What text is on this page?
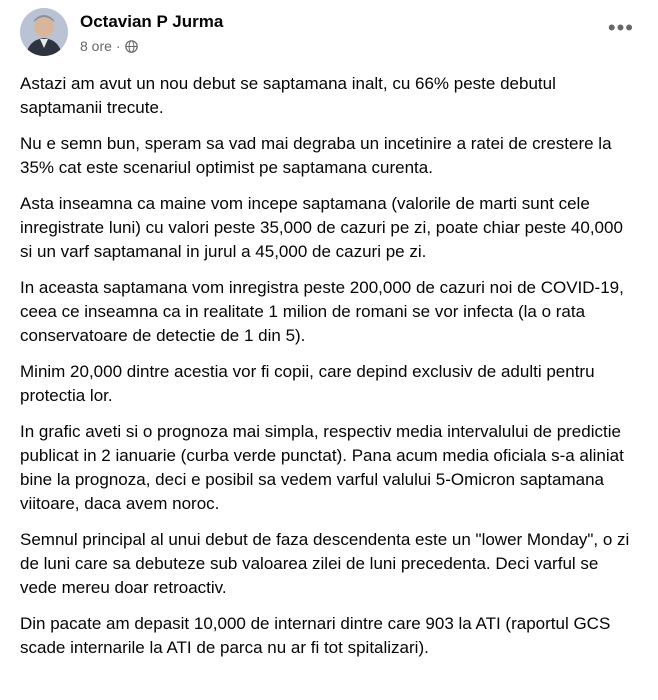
Octavian P Jurma
8 ore ·
•••

Astazi am avut un nou debut se saptamana inalt, cu 66% peste debutul saptamanii trecute.

Nu e semn bun, speram sa vad mai degraba un incetinire a ratei de crestere la 35% cat este scenariul optimist pe saptamana curenta.

Asta inseamna ca maine vom incepe saptamana (valorile de marti sunt cele inregistrate luni) cu valori peste 35,000 de cazuri pe zi, poate chiar peste 40,000 si un varf saptamanal in jurul a 45,000 de cazuri pe zi.

In aceasta saptamana vom inregistra peste 200,000 de cazuri noi de COVID-19, ceea ce inseamna ca in realitate 1 milion de romani se vor infecta (la o rata conservatoare de detectie de 1 din 5).

Minim 20,000 dintre acestia vor fi copii, care depind exclusiv de adulti pentru protectia lor.

In grafic aveti si o prognoza mai simpla, respectiv media intervalului de predictie publicat in 2 ianuarie (curba verde punctat). Pana acum media oficiala s-a aliniat bine la prognoza, deci e posibil sa vedem varful valului 5-Omicron saptamana viitoare, daca avem noroc.

Semnul principal al unui debut de faza descendenta este un "lower Monday", o zi de luni care sa debuteze sub valoarea zilei de luni precedenta. Deci varful se vede mereu doar retroactiv.

Din pacate am depasit 10,000 de internari dintre care 903 la ATI (raportul GCS scade internarile la ATI de parca nu ar fi tot spitalizari).
